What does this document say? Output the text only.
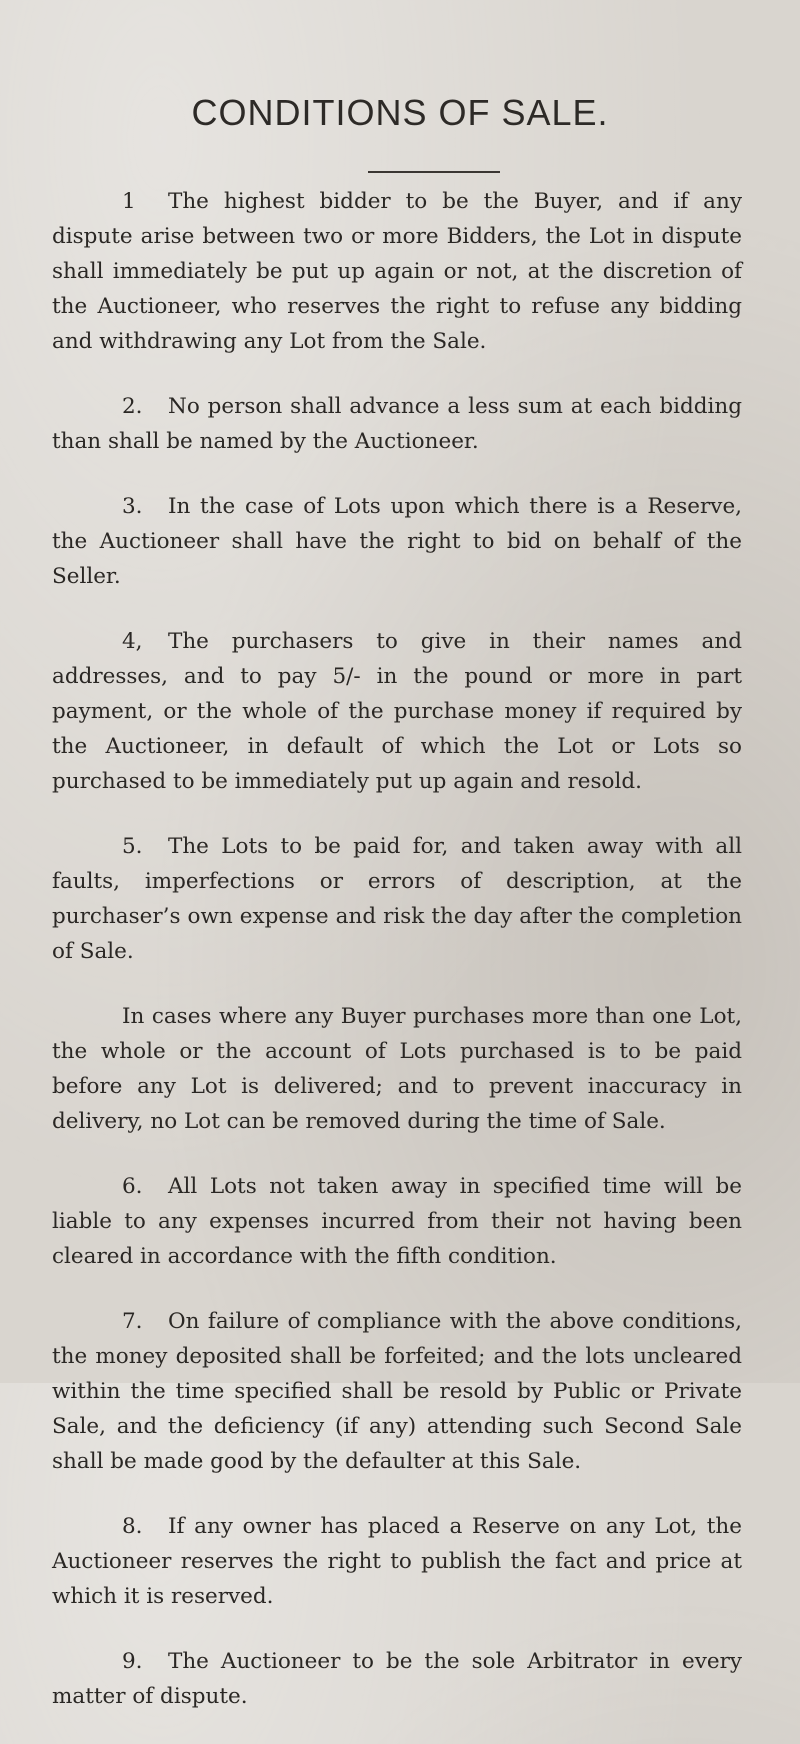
CONDITIONS OF SALE.

1 The highest bidder to be the Buyer, and if any dispute arise between two or more Bidders, the Lot in dispute shall immediately be put up again or not, at the discretion of the Auctioneer, who reserves the right to refuse any bidding and withdrawing any Lot from the Sale.

2. No person shall advance a less sum at each bidding than shall be named by the Auctioneer.

3. In the case of Lots upon which there is a Reserve, the Auctioneer shall have the right to bid on behalf of the Seller.

4, The purchasers to give in their names and addresses, and to pay 5/- in the pound or more in part payment, or the whole of the purchase money if required by the Auctioneer, in default of which the Lot or Lots so purchased to be immediately put up again and resold.

5. The Lots to be paid for, and taken away with all faults, imperfections or errors of description, at the purchaser’s own expense and risk the day after the completion of Sale.

In cases where any Buyer purchases more than one Lot, the whole or the account of Lots purchased is to be paid before any Lot is delivered; and to prevent inaccuracy in delivery, no Lot can be removed during the time of Sale.

6. All Lots not taken away in specified time will be liable to any expenses incurred from their not having been cleared in accordance with the fifth condition.

7. On failure of compliance with the above conditions, the money deposited shall be forfeited; and the lots uncleared within the time specified shall be resold by Public or Private Sale, and the deficiency (if any) attending such Second Sale shall be made good by the defaulter at this Sale.

8. If any owner has placed a Reserve on any Lot, the Auctioneer reserves the right to publish the fact and price at which it is reserved.

9. The Auctioneer to be the sole Arbitrator in every matter of dispute.
